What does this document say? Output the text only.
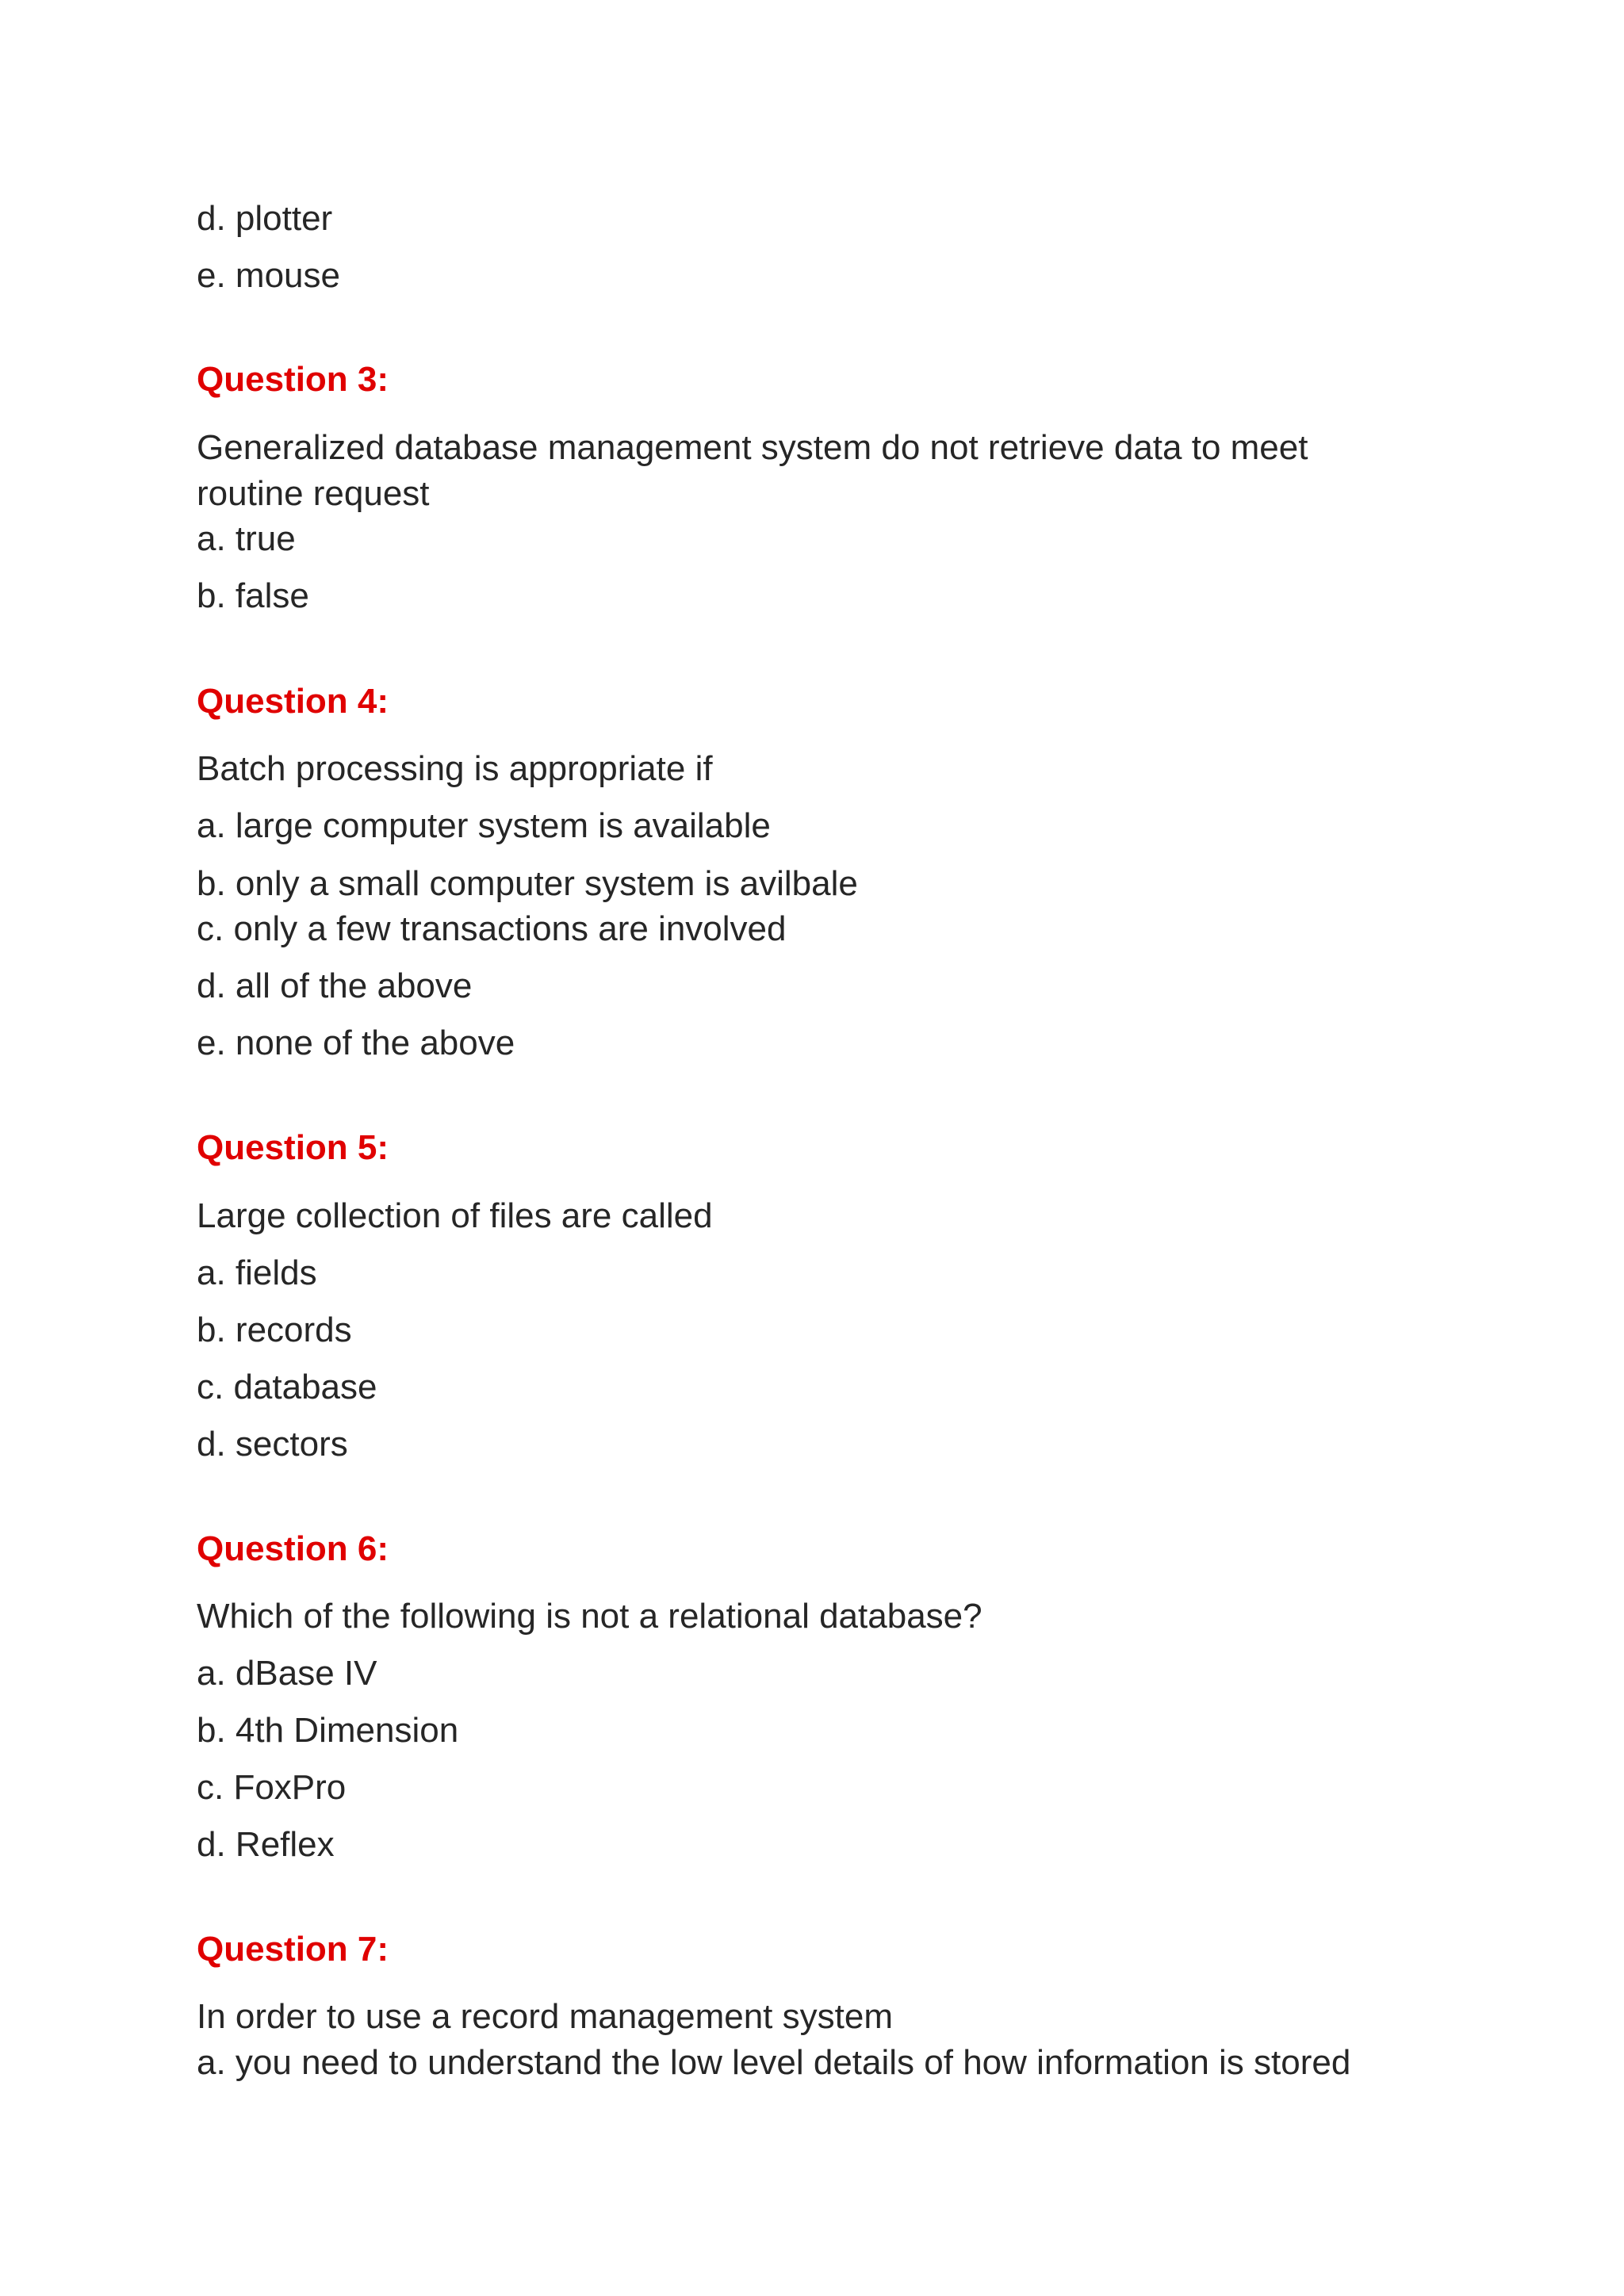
d. plotter
e. mouse
Question 3:
Generalized database management system do not retrieve data to meet
routine request
a. true
b. false
Question 4:
Batch processing is appropriate if
a. large computer system is available
b. only a small computer system is avilbale
c. only a few transactions are involved
d. all of the above
e. none of the above
Question 5:
Large collection of files are called
a. fields
b. records
c. database
d. sectors
Question 6:
Which of the following is not a relational database?
a. dBase IV
b. 4th Dimension
c. FoxPro
d. Reflex
Question 7:
In order to use a record management system
a. you need to understand the low level details of how information is stored
